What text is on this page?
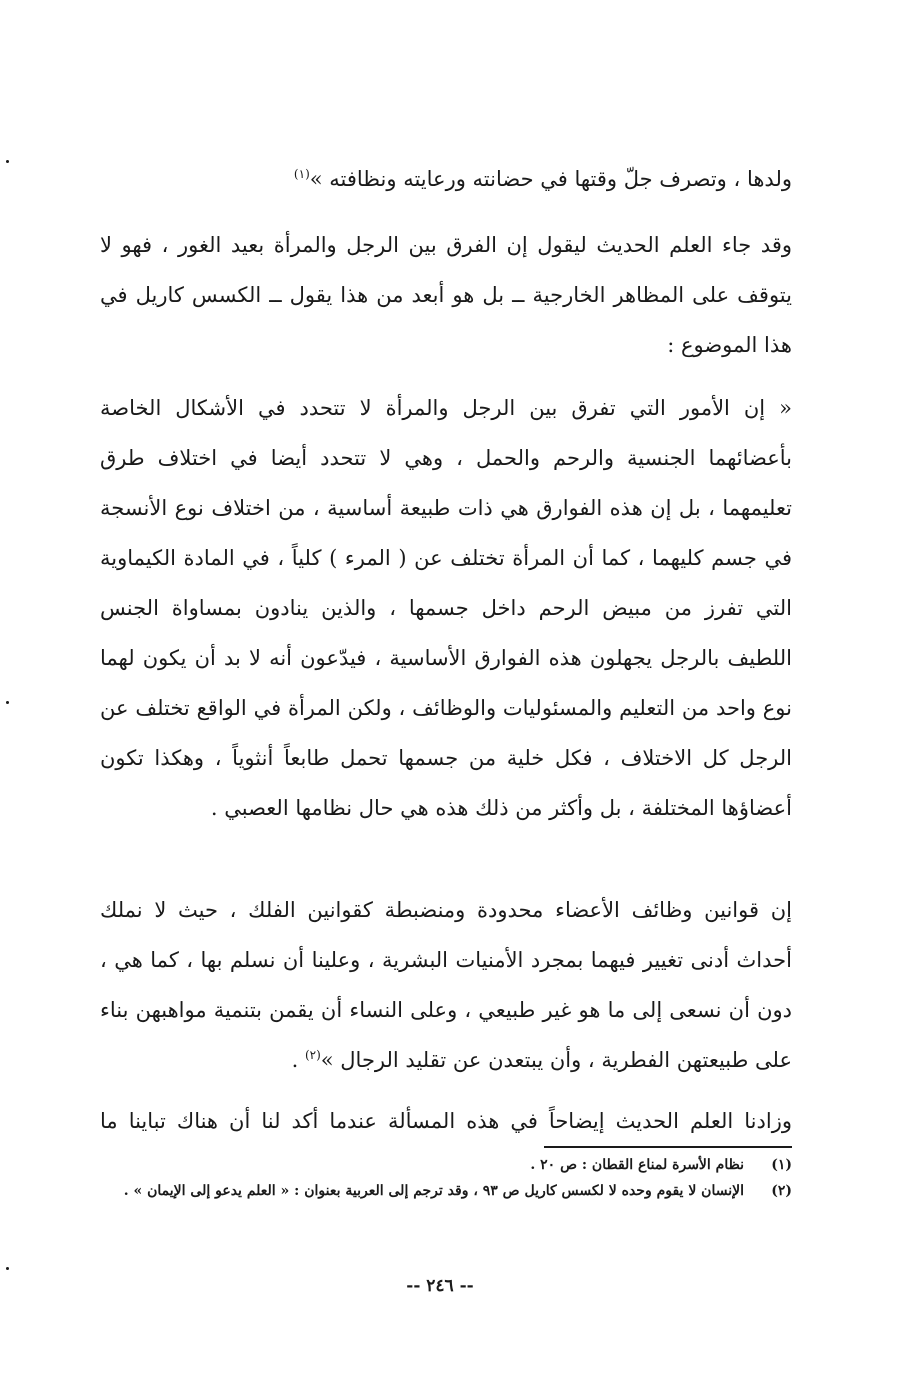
ولدها ، وتصرف جلّ وقتها في حضانته ورعايته ونظافته »$^{(١)}$

وقد جاء العلم الحديث ليقول إن الفرق بين الرجل والمرأة بعيد الغور ، فهو لا يتوقف على المظاهر الخارجية ــ بل هو أبعد من هذا يقول ــ الكسس كاريل في هذا الموضوع :

« إن الأمور التي تفرق بين الرجل والمرأة لا تتحدد في الأشكال الخاصة بأعضائهما الجنسية والرحم والحمل ، وهي لا تتحدد أيضا في اختلاف طرق تعليمهما ، بل إن هذه الفوارق هي ذات طبيعة أساسية ، من اختلاف نوع الأنسجة في جسم كليهما ، كما أن المرأة تختلف عن ( المرء ) كلياً ، في المادة الكيماوية التي تفرز من مبيض الرحم داخل جسمها ، والذين ينادون بمساواة الجنس اللطيف بالرجل يجهلون هذه الفوارق الأساسية ، فيدّعون أنه لا بد أن يكون لهما نوع واحد من التعليم والمسئوليات والوظائف ، ولكن المرأة في الواقع تختلف عن الرجل كل الاختلاف ، فكل خلية من جسمها تحمل طابعاً أنثوياً ، وهكذا تكون أعضاؤها المختلفة ، بل وأكثر من ذلك هذه هي حال نظامها العصبي .

إن قوانين وظائف الأعضاء محدودة ومنضبطة كقوانين الفلك ، حيث لا نملك أحداث أدنى تغيير فيهما بمجرد الأمنيات البشرية ، وعلينا أن نسلم بها ، كما هي ، دون أن نسعى إلى ما هو غير طبيعي ، وعلى النساء أن يقمن بتنمية مواهبهن بناء على طبيعتهن الفطرية ، وأن يبتعدن عن تقليد الرجال »$^{(٢)}$ .

وزادنا العلم الحديث إيضاحاً في هذه المسألة عندما أكد لنا أن هناك تباينا ما

(١)
نظام الأسرة لمناع القطان : ص ٢٠ .
(٢)
الإنسان لا يقوم وحده لا لكسس كاريل ص ٩٣ ، وقد ترجم إلى العربية بعنوان : « العلم يدعو إلى الإيمان » .
-- ٢٤٦ --
